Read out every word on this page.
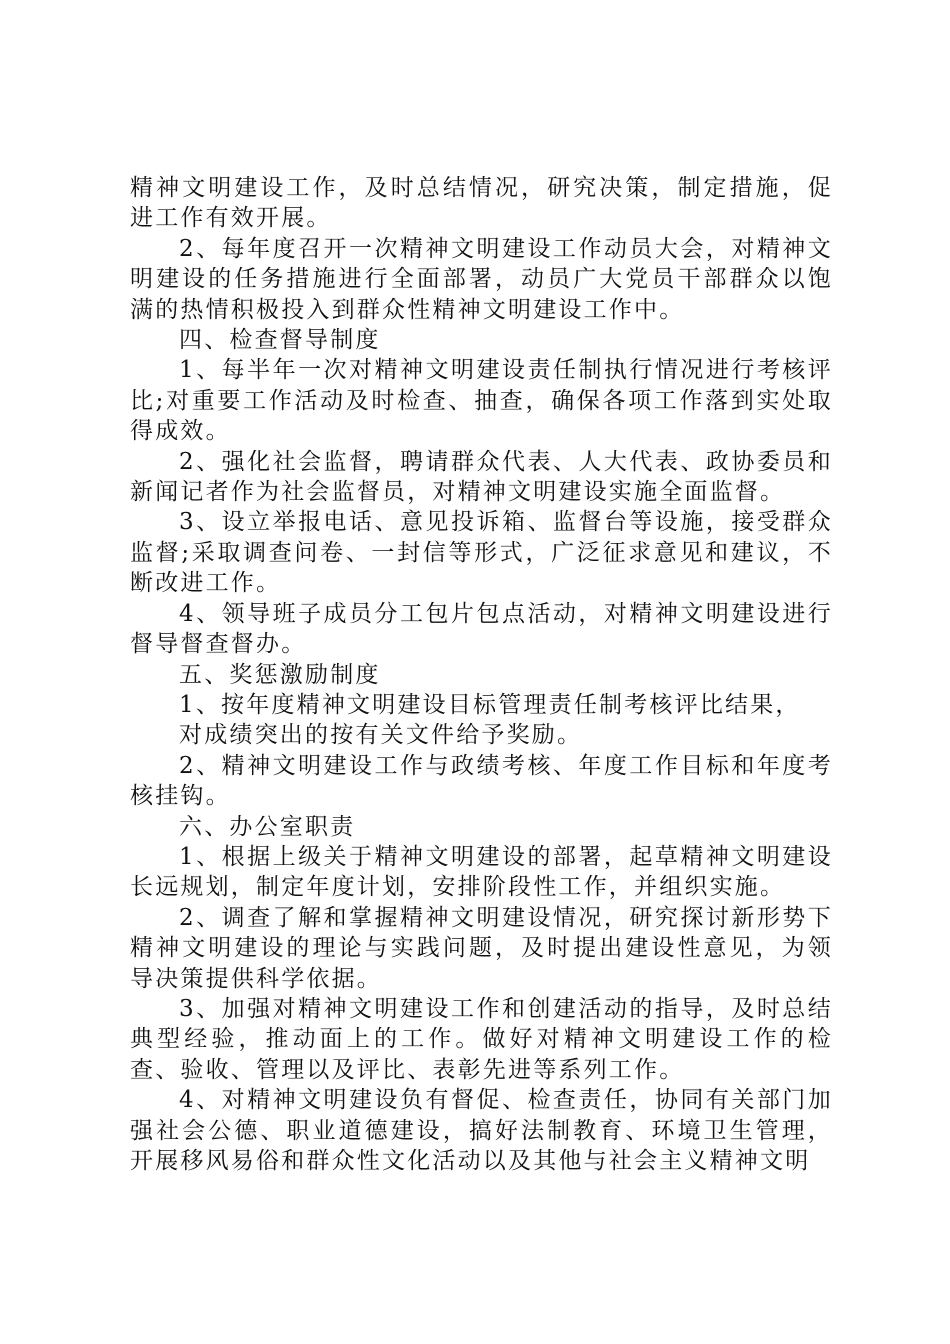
精神文明建设工作，及时总结情况，研究决策，制定措施，促进工作有效开展。

2、每年度召开一次精神文明建设工作动员大会，对精神文明建设的任务措施进行全面部署，动员广大党员干部群众以饱满的热情积极投入到群众性精神文明建设工作中。

四、检查督导制度

1、每半年一次对精神文明建设责任制执行情况进行考核评比;对重要工作活动及时检查、抽查，确保各项工作落到实处取得成效。

2、强化社会监督，聘请群众代表、人大代表、政协委员和新闻记者作为社会监督员，对精神文明建设实施全面监督。

3、设立举报电话、意见投诉箱、监督台等设施，接受群众监督;采取调查问卷、一封信等形式，广泛征求意见和建议，不断改进工作。

4、领导班子成员分工包片包点活动，对精神文明建设进行督导督查督办。

五、奖惩激励制度

1、按年度精神文明建设目标管理责任制考核评比结果，

对成绩突出的按有关文件给予奖励。

2、精神文明建设工作与政绩考核、年度工作目标和年度考核挂钩。

六、办公室职责

1、根据上级关于精神文明建设的部署，起草精神文明建设长远规划，制定年度计划，安排阶段性工作，并组织实施。

2、调查了解和掌握精神文明建设情况，研究探讨新形势下精神文明建设的理论与实践问题，及时提出建设性意见，为领导决策提供科学依据。

3、加强对精神文明建设工作和创建活动的指导，及时总结典型经验，推动面上的工作。做好对精神文明建设工作的检查、验收、管理以及评比、表彰先进等系列工作。

4、对精神文明建设负有督促、检查责任，协同有关部门加强社会公德、职业道德建设，搞好法制教育、环境卫生管理，开展移风易俗和群众性文化活动以及其他与社会主义精神文明
